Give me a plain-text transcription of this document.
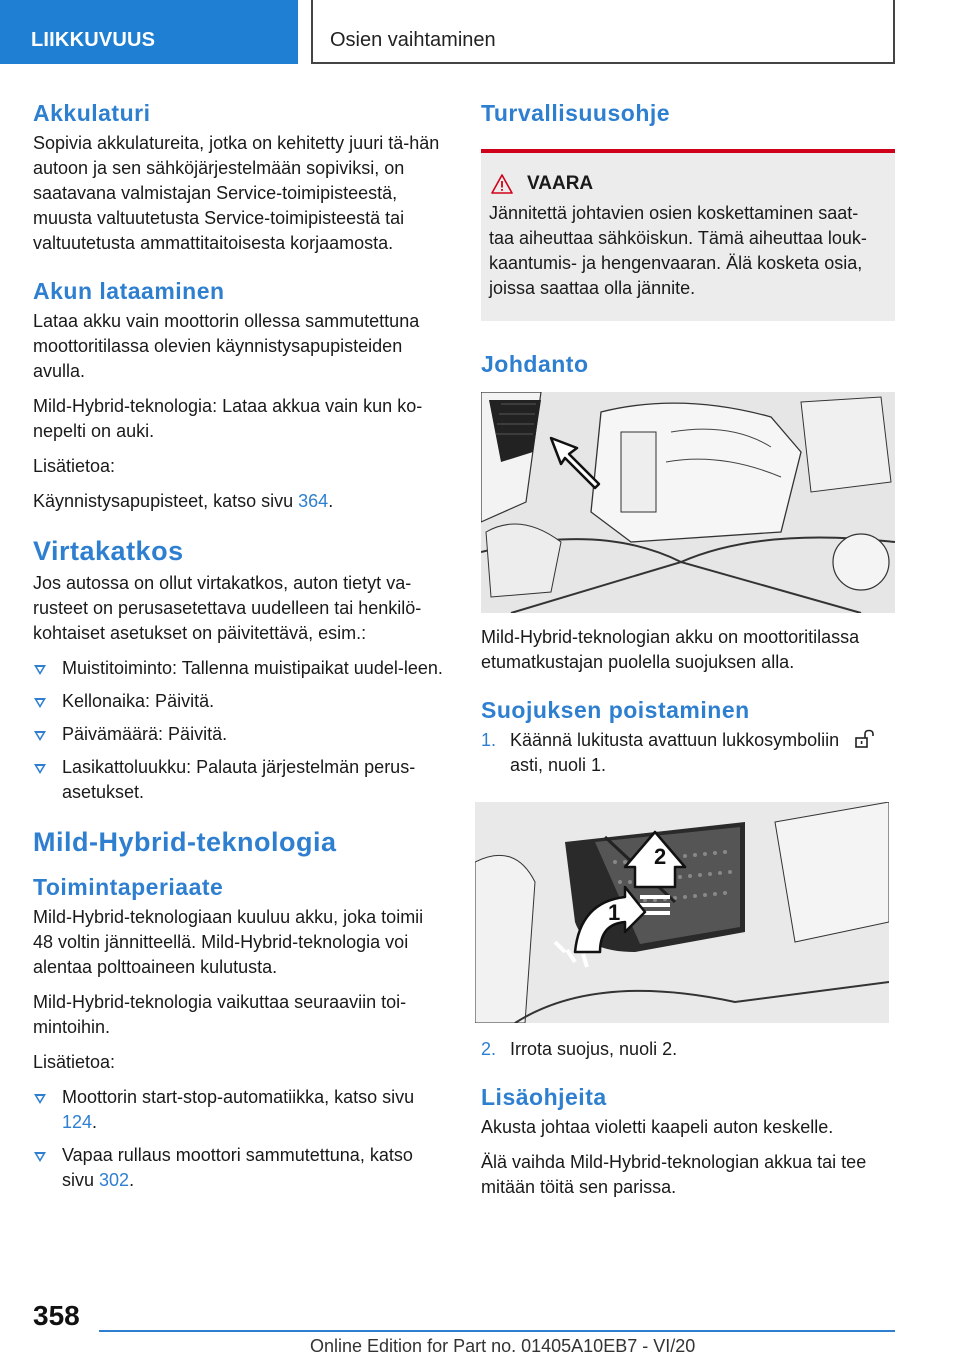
LIIKKUVUUS	Osien vaihtaminen
Akkulaturi

Sopivia akkulatureita, jotka on kehitetty juuri tä-hän autoon ja sen sähköjärjestelmään sopiviksi, on saatavana valmistajan Service-toimipisteestä, muusta valtuutetusta Service-toimipisteestä tai valtuutetusta ammattitaitoisesta korjaamosta.

Akun lataaminen

Lataa akku vain moottorin ollessa sammutettuna moottoritilassa olevien käynnistysapupisteiden avulla.

Mild-Hybrid-teknologia: Lataa akkua vain kun ko-nepelti on auki.

Lisätietoa:

Käynnistysapupisteet, katso sivu 364.

Virtakatkos

Jos autossa on ollut virtakatkos, auton tietyt va-rusteet on perusasetettava uudelleen tai henkilö-kohtaiset asetukset on päivitettävä, esim.:

Muistitoiminto: Tallenna muistipaikat uudel-leen.
Kellonaika: Päivitä.
Päivämäärä: Päivitä.
Lasikattoluukku: Palauta järjestelmän perus-asetukset.
Mild-Hybrid-teknologia
Toimintaperiaate

Mild-Hybrid-teknologiaan kuuluu akku, joka toimii 48 voltin jännitteellä. Mild-Hybrid-teknologia voi alentaa polttoaineen kulutusta.

Mild-Hybrid-teknologia vaikuttaa seuraaviin toi-mintoihin.

Lisätietoa:

Moottorin start-stop-automatiikka, katso sivu 124.
Vapaa rullaus moottori sammutettuna, katso sivu 302.
Turvallisuusohje
VAARA

Jännitettä johtavien osien koskettaminen saat-taa aiheuttaa sähköiskun. Tämä aiheuttaa louk-kaantumis- ja hengenvaaran. Älä kosketa osia, joissa saattaa olla jännite.

Johdanto

Mild-Hybrid-teknologian akku on moottoritilassa etumatkustajan puolella suojuksen alla.

Suojuksen poistaminen
1. Käännä lukitusta avattuun lukkosymboliin
asti, nuoli 1.
2
1
2. Irrota suojus, nuoli 2.
Lisäohjeita

Akusta johtaa violetti kaapeli auton keskelle.

Älä vaihda Mild-Hybrid-teknologian akkua tai tee mitään töitä sen parissa.

358
Online Edition for Part no. 01405A10EB7 - VI/20
